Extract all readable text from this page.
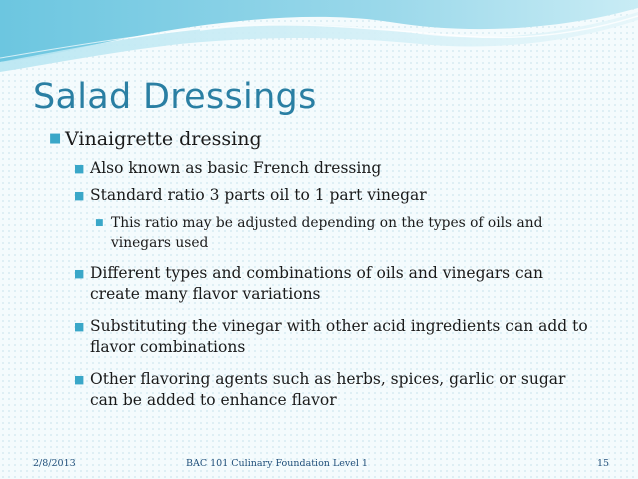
Salad Dressings
■ Vinaigrette dressing
■ Also known as basic French dressing
■ Standard ratio 3 parts oil to 1 part vinegar
■ This ratio may be adjusted depending on the types of oils and vinegars used
■ Different types and combinations of oils and vinegars can create many flavor variations
■ Substituting the vinegar with other acid ingredients can add to flavor combinations
■ Other flavoring agents such as herbs, spices, garlic or sugar can be added to enhance flavor
2/8/2013	BAC 101 Culinary Foundation Level 1	15
